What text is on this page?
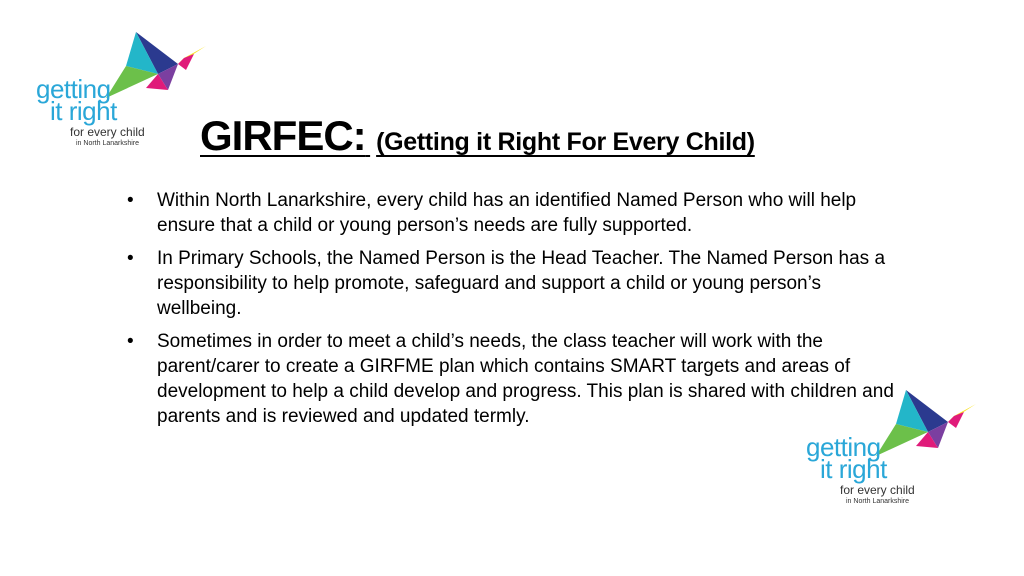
getting
it right
for every child
in North Lanarkshire GIRFEC: (Getting it Right For Every Child)
• Within North Lanarkshire, every child has an identified Named Person who will help ensure that a child or young person’s needs are fully supported.
• In Primary Schools, the Named Person is the Head Teacher. The Named Person has a responsibility to help promote, safeguard and support a child or young person’s wellbeing.
• Sometimes in order to meet a child’s needs, the class teacher will work with the parent/carer to create a GIRFME plan which contains SMART targets and areas of development to help a child develop and progress. This plan is shared with children and parents and is reviewed and updated termly.
getting
it right
for every child
in North Lanarkshire
